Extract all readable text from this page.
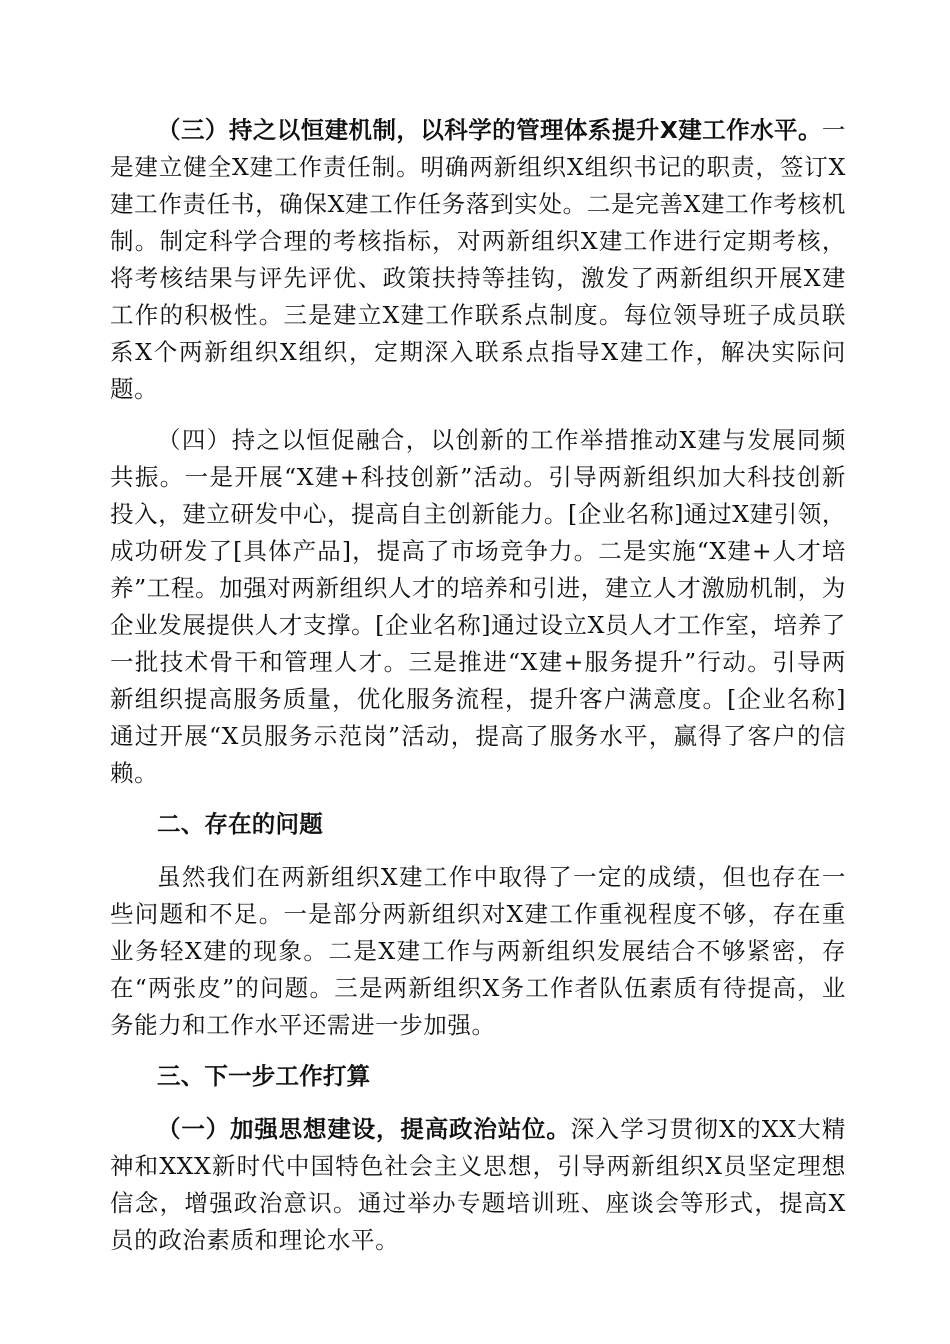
（三）持之以恒建机制，以科学的管理体系提升X建工作水平。一是建立健全X建工作责任制。明确两新组织X组织书记的职责，签订X建工作责任书，确保X建工作任务落到实处。二是完善X建工作考核机制。制定科学合理的考核指标，对两新组织X建工作进行定期考核，将考核结果与评先评优、政策扶持等挂钩，激发了两新组织开展X建工作的积极性。三是建立X建工作联系点制度。每位领导班子成员联系X个两新组织X组织，定期深入联系点指导X建工作，解决实际问题。

（四）持之以恒促融合，以创新的工作举措推动X建与发展同频共振。一是开展“X建+科技创新”活动。引导两新组织加大科技创新投入，建立研发中心，提高自主创新能力。[企业名称]通过X建引领，成功研发了[具体产品]，提高了市场竞争力。二是实施“X建+人才培养”工程。加强对两新组织人才的培养和引进，建立人才激励机制，为企业发展提供人才支撑。[企业名称]通过设立X员人才工作室，培养了一批技术骨干和管理人才。三是推进“X建+服务提升”行动。引导两新组织提高服务质量，优化服务流程，提升客户满意度。[企业名称]通过开展“X员服务示范岗”活动，提高了服务水平，赢得了客户的信赖。

二、存在的问题

虽然我们在两新组织X建工作中取得了一定的成绩，但也存在一些问题和不足。一是部分两新组织对X建工作重视程度不够，存在重业务轻X建的现象。二是X建工作与两新组织发展结合不够紧密，存在“两张皮”的问题。三是两新组织X务工作者队伍素质有待提高，业务能力和工作水平还需进一步加强。

三、下一步工作打算

（一）加强思想建设，提高政治站位。深入学习贯彻X的XX大精神和XXX新时代中国特色社会主义思想，引导两新组织X员坚定理想信念，增强政治意识。通过举办专题培训班、座谈会等形式，提高X员的政治素质和理论水平。
